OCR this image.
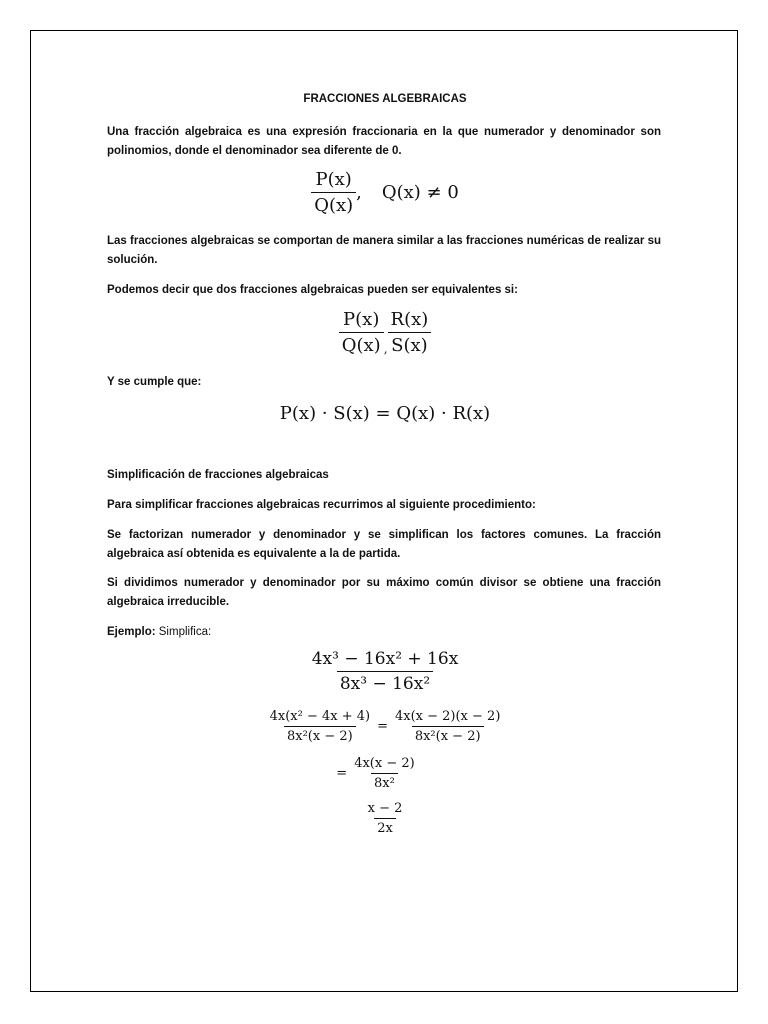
FRACCIONES ALGEBRAICAS

Una fracción algebraica es una expresión fraccionaria en la que numerador y denominador son polinomios, donde el denominador sea diferente de 0.

$\frac{P(x)}{Q(x)}$ , Q(x) ≠ 0

Las fracciones algebraicas se comportan de manera similar a las fracciones numéricas de realizar su solución.

Podemos decir que dos fracciones algebraicas pueden ser equivalentes si:

$\frac{P(x)}{Q(x)}$ , $\frac{R(x)}{S(x)}$

Y se cumple que:

P(x) · S(x) = Q(x) · R(x)

Simplificación de fracciones algebraicas

Para simplificar fracciones algebraicas recurrimos al siguiente procedimiento:

Se factorizan numerador y denominador y se simplifican los factores comunes. La fracción algebraica así obtenida es equivalente a la de partida.

Si dividimos numerador y denominador por su máximo común divisor se obtiene una fracción algebraica irreducible.

Ejemplo: Simplifica:

$\frac{\text{4x³ − 16x² + 16x}}{\text{8x³ − 16x²}}$
$\frac{\text{4x(x² − 4x + 4)}}{\text{8x²(x − 2)}} = \frac{4x(x - 2)(x - 2)}{\text{8x²(x − 2)}}$
= $\frac{4x(x - 2)}{\text{8x²}}$
$\frac{x - 2}{2x}$
